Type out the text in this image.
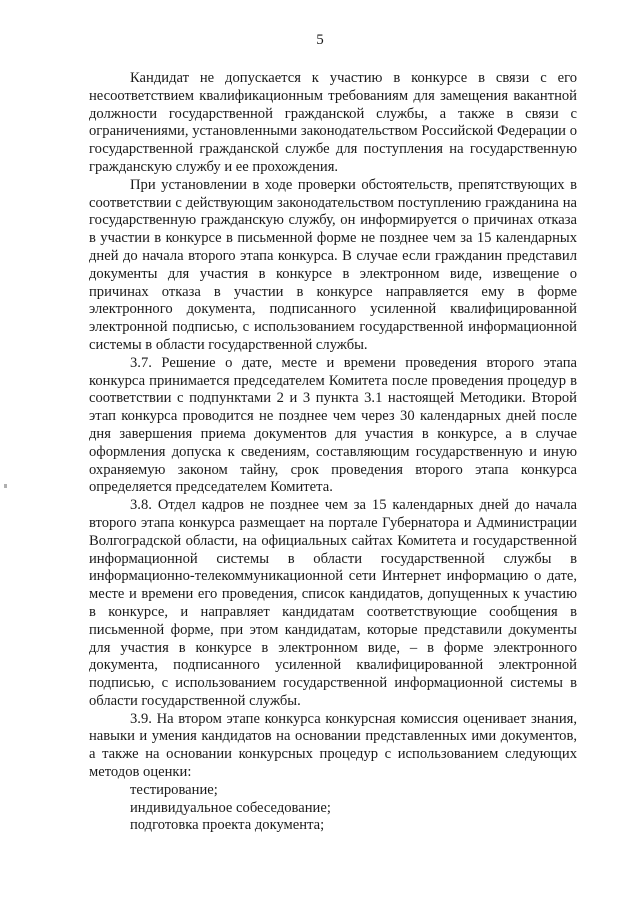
5

Кандидат не допускается к участию в конкурсе в связи с его несоответствием квалификационным требованиям для замещения вакантной должности государственной гражданской службы, а также в связи с ограничениями, установленными законодательством Российской Федерации о государственной гражданской службе для поступления на государственную гражданскую службу и ее прохождения.

При установлении в ходе проверки обстоятельств, препятствующих в соответствии с действующим законодательством поступлению гражданина на государственную гражданскую службу, он информируется о причинах отказа в участии в конкурсе в письменной форме не позднее чем за 15 календарных дней до начала второго этапа конкурса. В случае если гражданин представил документы для участия в конкурсе в электронном виде, извещение о причинах отказа в участии в конкурсе направляется ему в форме электронного документа, подписанного усиленной квалифицированной электронной подписью, с использованием государственной информационной системы в области государственной службы.

3.7. Решение о дате, месте и времени проведения второго этапа конкурса принимается председателем Комитета после проведения процедур в соответствии с подпунктами 2 и 3 пункта 3.1 настоящей Методики. Второй этап конкурса проводится не позднее чем через 30 календарных дней после дня завершения приема документов для участия в конкурсе, а в случае оформления допуска к сведениям, составляющим государственную и иную охраняемую законом тайну, срок проведения второго этапа конкурса определяется председателем Комитета.

3.8. Отдел кадров не позднее чем за 15 календарных дней до начала второго этапа конкурса размещает на портале Губернатора и Администрации Волгоградской области, на официальных сайтах Комитета и государственной информационной системы в области государственной службы в информационно-телекоммуникационной сети Интернет информацию о дате, месте и времени его проведения, список кандидатов, допущенных к участию в конкурсе, и направляет кандидатам соответствующие сообщения в письменной форме, при этом кандидатам, которые представили документы для участия в конкурсе в электронном виде, – в форме электронного документа, подписанного усиленной квалифицированной электронной подписью, с использованием государственной информационной системы в области государственной службы.

3.9. На втором этапе конкурса конкурсная комиссия оценивает знания, навыки и умения кандидатов на основании представленных ими документов, а также на основании конкурсных процедур с использованием следующих методов оценки:

тестирование;

индивидуальное собеседование;

подготовка проекта документа;
